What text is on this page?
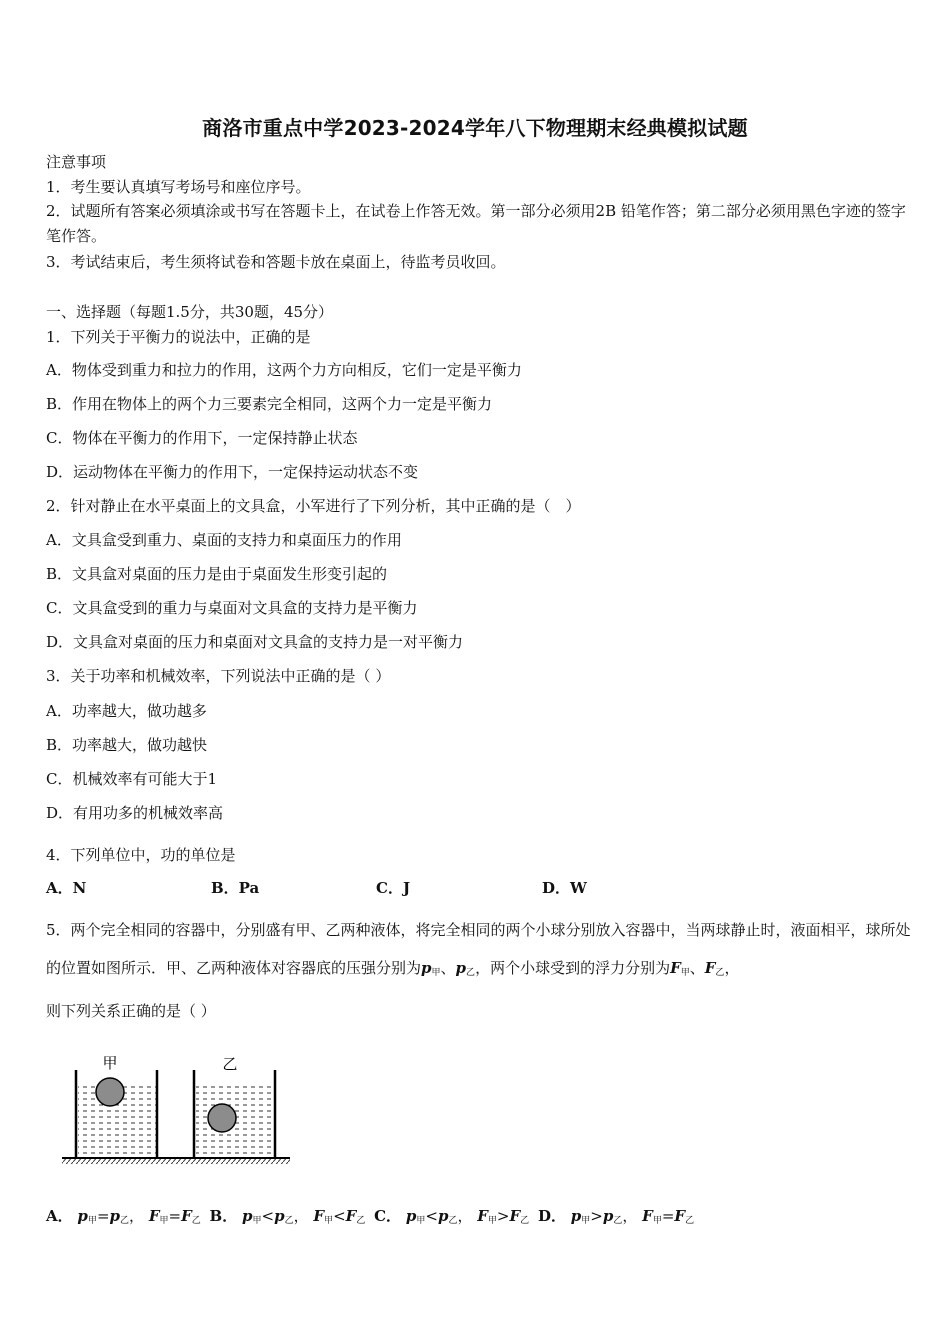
商洛市重点中学2023-2024学年八下物理期末经典模拟试题
注意事项
1．考生要认真填写考场号和座位序号。
2．试题所有答案必须填涂或书写在答题卡上，在试卷上作答无效。第一部分必须用2B 铅笔作答；第二部分必须用黑色字迹的签字笔作答。
3．考试结束后，考生须将试卷和答题卡放在桌面上，待监考员收回。
一、选择题（每题1.5分，共30题，45分）
1．下列关于平衡力的说法中，正确的是
A．物体受到重力和拉力的作用，这两个力方向相反，它们一定是平衡力
B．作用在物体上的两个力三要素完全相同，这两个力一定是平衡力
C．物体在平衡力的作用下，一定保持静止状态
D．运动物体在平衡力的作用下，一定保持运动状态不变
2．针对静止在水平桌面上的文具盒，小军进行了下列分析，其中正确的是（　）
A．文具盒受到重力、桌面的支持力和桌面压力的作用
B．文具盒对桌面的压力是由于桌面发生形变引起的
C．文具盒受到的重力与桌面对文具盒的支持力是平衡力
D．文具盒对桌面的压力和桌面对文具盒的支持力是一对平衡力
3．关于功率和机械效率，下列说法中正确的是（ ）
A．功率越大，做功越多
B．功率越大，做功越快
C．机械效率有可能大于1
D．有用功多的机械效率高
4．下列单位中，功的单位是
A．N	B．Pa	C．J	D．W
5．两个完全相同的容器中，分别盛有甲、乙两种液体，将完全相同的两个小球分别放入容器中，当两球静止时，液面相平，球所处的位置如图所示．甲、乙两种液体对容器底的压强分别为$p_甲$、$p_乙$，两个小球受到的浮力分别为$F_甲$、$F_乙$，
则下列关系正确的是（ ）
甲	乙
A． $p_甲=p_乙$， $F_甲=F_乙$ B． $p_甲<p_乙$， $F_甲<F_乙$ C． $p_甲<p_乙$， $F_甲>F_乙$ D． $p_甲>p_乙$， $F_甲=F_乙$
